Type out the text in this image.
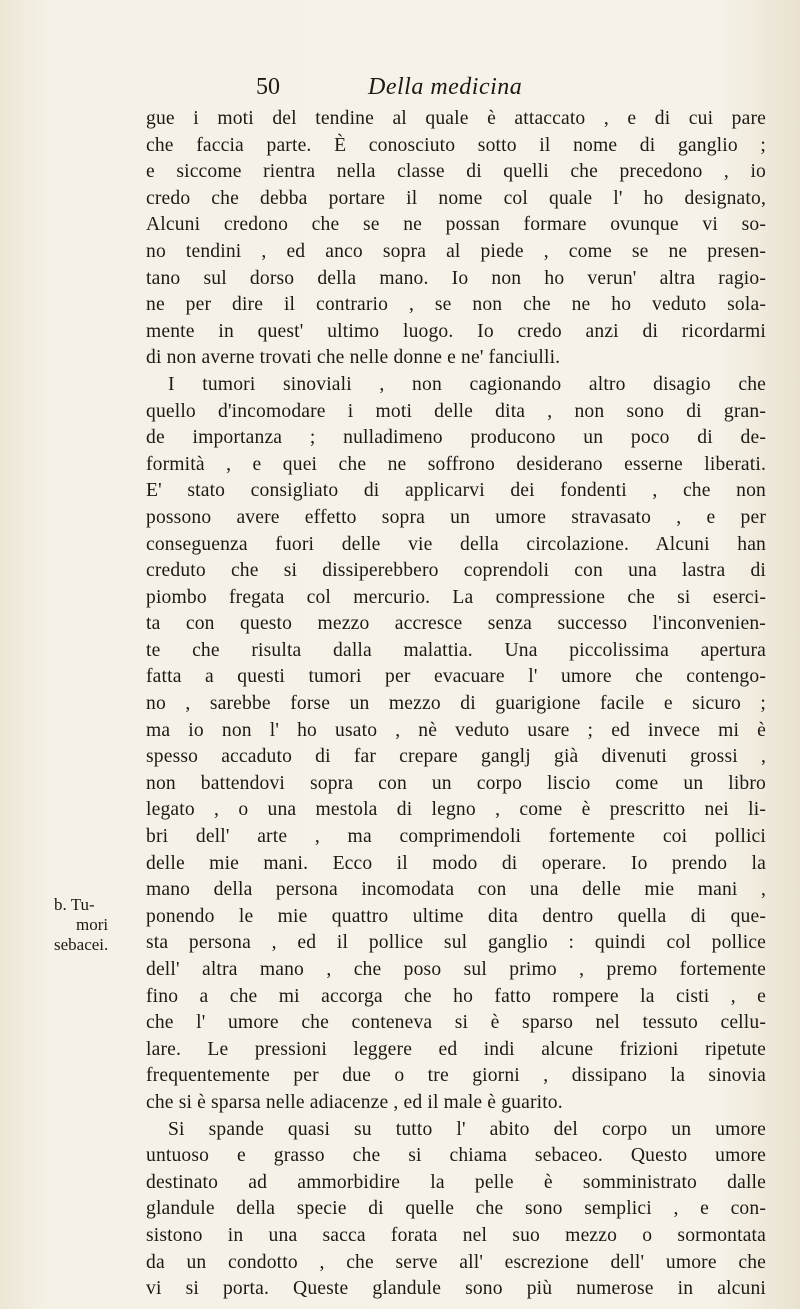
50	Della medicina
gue i moti del tendine al quale è attaccato , e di cui pare
che faccia parte. È conosciuto sotto il nome di ganglio ;
e siccome rientra nella classe di quelli che precedono , io
credo che debba portare il nome col quale l' ho designato,
Alcuni credono che se ne possan formare ovunque vi so-
no tendini , ed anco sopra al piede , come se ne presen-
tano sul dorso della mano. Io non ho verun' altra ragio-
ne per dire il contrario , se non che ne ho veduto sola-
mente in quest' ultimo luogo. Io credo anzi di ricordarmi
di non averne trovati che nelle donne e ne' fanciulli.
I tumori sinoviali , non cagionando altro disagio che
quello d'incomodare i moti delle dita , non sono di gran-
de importanza ; nulladimeno producono un poco di de-
formità , e quei che ne soffrono desiderano esserne liberati.
E' stato consigliato di applicarvi dei fondenti , che non
possono avere effetto sopra un umore stravasato , e per
conseguenza fuori delle vie della circolazione. Alcuni han
creduto che si dissiperebbero coprendoli con una lastra di
piombo fregata col mercurio. La compressione che si eserci-
ta con questo mezzo accresce senza successo l'inconvenien-
te che risulta dalla malattia. Una piccolissima apertura
fatta a questi tumori per evacuare l' umore che contengo-
no , sarebbe forse un mezzo di guarigione facile e sicuro ;
ma io non l' ho usato , nè veduto usare ; ed invece mi è
spesso accaduto di far crepare ganglj già divenuti grossi ,
non battendovi sopra con un corpo liscio come un libro
legato , o una mestola di legno , come è prescritto nei li-
bri dell' arte , ma comprimendoli fortemente coi pollici
delle mie mani. Ecco il modo di operare. Io prendo la
mano della persona incomodata con una delle mie mani ,
ponendo le mie quattro ultime dita dentro quella di que-
sta persona , ed il pollice sul ganglio : quindi col pollice
dell' altra mano , che poso sul primo , premo fortemente
fino a che mi accorga che ho fatto rompere la cisti , e
che l' umore che conteneva si è sparso nel tessuto cellu-
lare. Le pressioni leggere ed indi alcune frizioni ripetute
frequentemente per due o tre giorni , dissipano la sinovia
che si è sparsa nelle adiacenze , ed il male è guarito.
Si spande quasi su tutto l' abito del corpo un umore
untuoso e grasso che si chiama sebaceo. Questo umore
destinato ad ammorbidire la pelle è somministrato dalle
glandule della specie di quelle che sono semplici , e con-
sistono in una sacca forata nel suo mezzo o sormontata
da un condotto , che serve all' escrezione dell' umore che
vi si porta. Queste glandule sono più numerose in alcuni
b. Tu-
mori
sebacei.
